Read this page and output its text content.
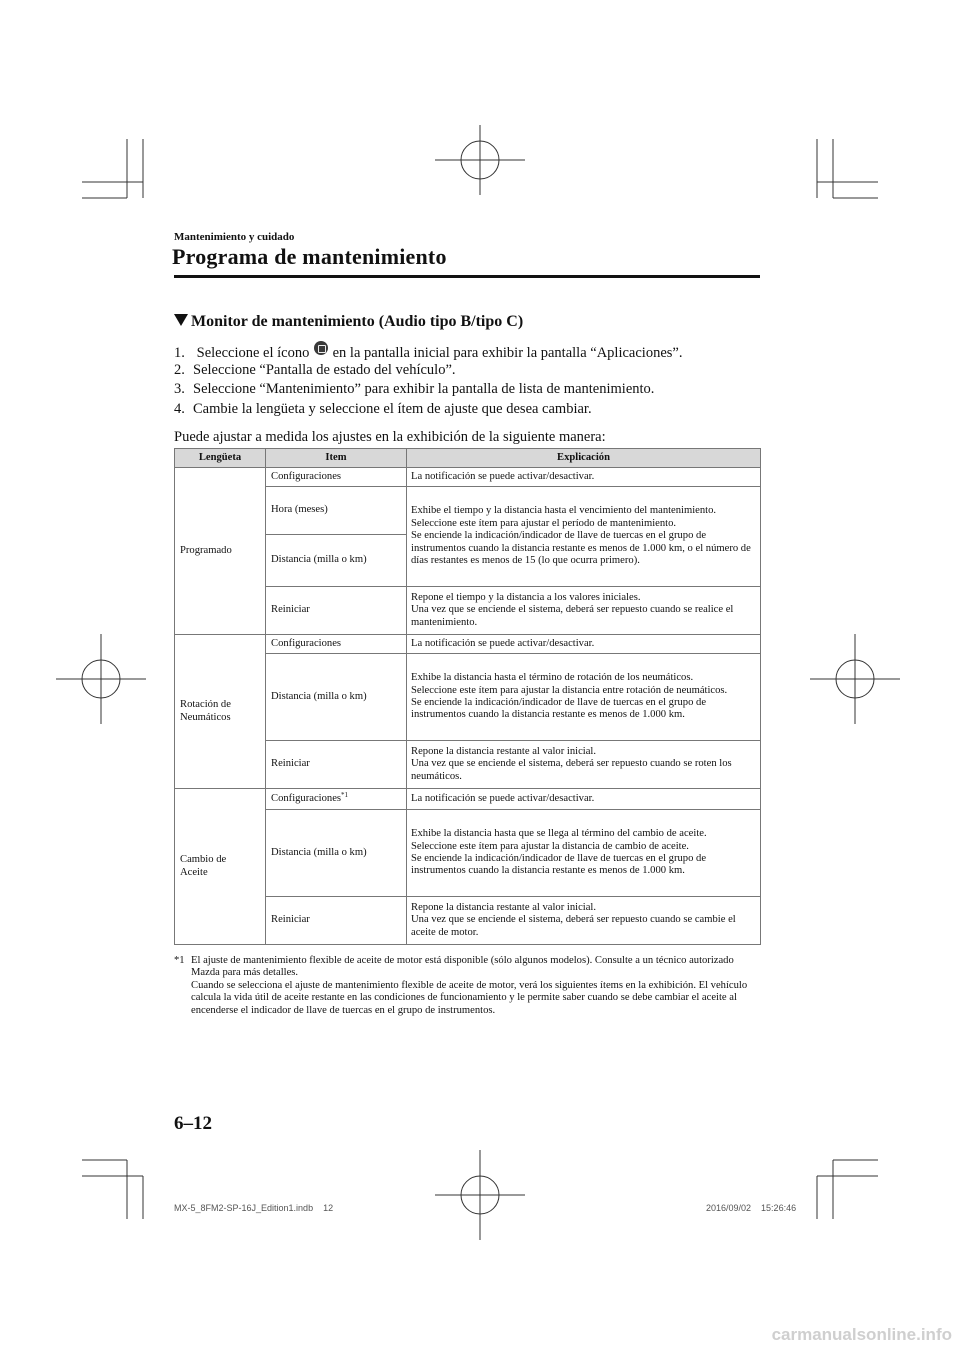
Mantenimiento y cuidado
Programa de mantenimiento
Monitor de mantenimiento (Audio tipo B/tipo C)
1. Seleccione el ícono en la pantalla inicial para exhibir la pantalla “Aplicaciones”.
2. Seleccione “Pantalla de estado del vehículo”.
3. Seleccione “Mantenimiento” para exhibir la pantalla de lista de mantenimiento.
4. Cambie la lengüeta y seleccione el ítem de ajuste que desea cambiar.
Puede ajustar a medida los ajustes en la exhibición de la siguiente manera:
Lengüeta	Item	Explicación
Programado	Configuraciones	La notificación se puede activar/desactivar.
	Hora (meses)	Exhibe el tiempo y la distancia hasta el vencimiento del mantenimiento.
Seleccione este ítem para ajustar el período de mantenimiento.
Se enciende la indicación/indicador de llave de tuercas en el grupo de instrumentos cuando la distancia restante es menos de 1.000 km, o el número de días restantes es menos de 15 (lo que ocurra primero).

	Distancia (milla o km)	
	Reiniciar	Repone el tiempo y la distancia a los valores iniciales.
Una vez que se enciende el sistema, deberá ser repuesto cuando se realice el mantenimiento.

Rotación de
Neumáticos	Configuraciones	La notificación se puede activar/desactivar.
	Distancia (milla o km)	Exhibe la distancia hasta el término de rotación de los neumáticos.
Seleccione este ítem para ajustar la distancia entre rotación de neumáticos.
Se enciende la indicación/indicador de llave de tuercas en el grupo de instrumentos cuando la distancia restante es menos de 1.000 km.

	Reiniciar	Repone la distancia restante al valor inicial.
Una vez que se enciende el sistema, deberá ser repuesto cuando se roten los neumáticos.

Cambio de
Aceite	Configuraciones$^{*1}$	La notificación se puede activar/desactivar.
	Distancia (milla o km)	Exhibe la distancia hasta que se llega al término del cambio de aceite.
Seleccione este ítem para ajustar la distancia de cambio de aceite.
Se enciende la indicación/indicador de llave de tuercas en el grupo de instrumentos cuando la distancia restante es menos de 1.000 km.

	Reiniciar	Repone la distancia restante al valor inicial.
Una vez que se enciende el sistema, deberá ser repuesto cuando se cambie el aceite de motor.
*1 El ajuste de mantenimiento flexible de aceite de motor está disponible (sólo algunos modelos). Consulte a un técnico autorizado Mazda para más detalles.
Cuando se selecciona el ajuste de mantenimiento flexible de aceite de motor, verá los siguientes ítems en la exhibición. El vehículo calcula la vida útil de aceite restante en las condiciones de funcionamiento y le permite saber cuando se debe cambiar el aceite al encenderse el indicador de llave de tuercas en el grupo de instrumentos.
6–12
MX-5_8FM2-SP-16J_Edition1.indb    12	2016/09/02    15:26:46
carmanualsonline.info
